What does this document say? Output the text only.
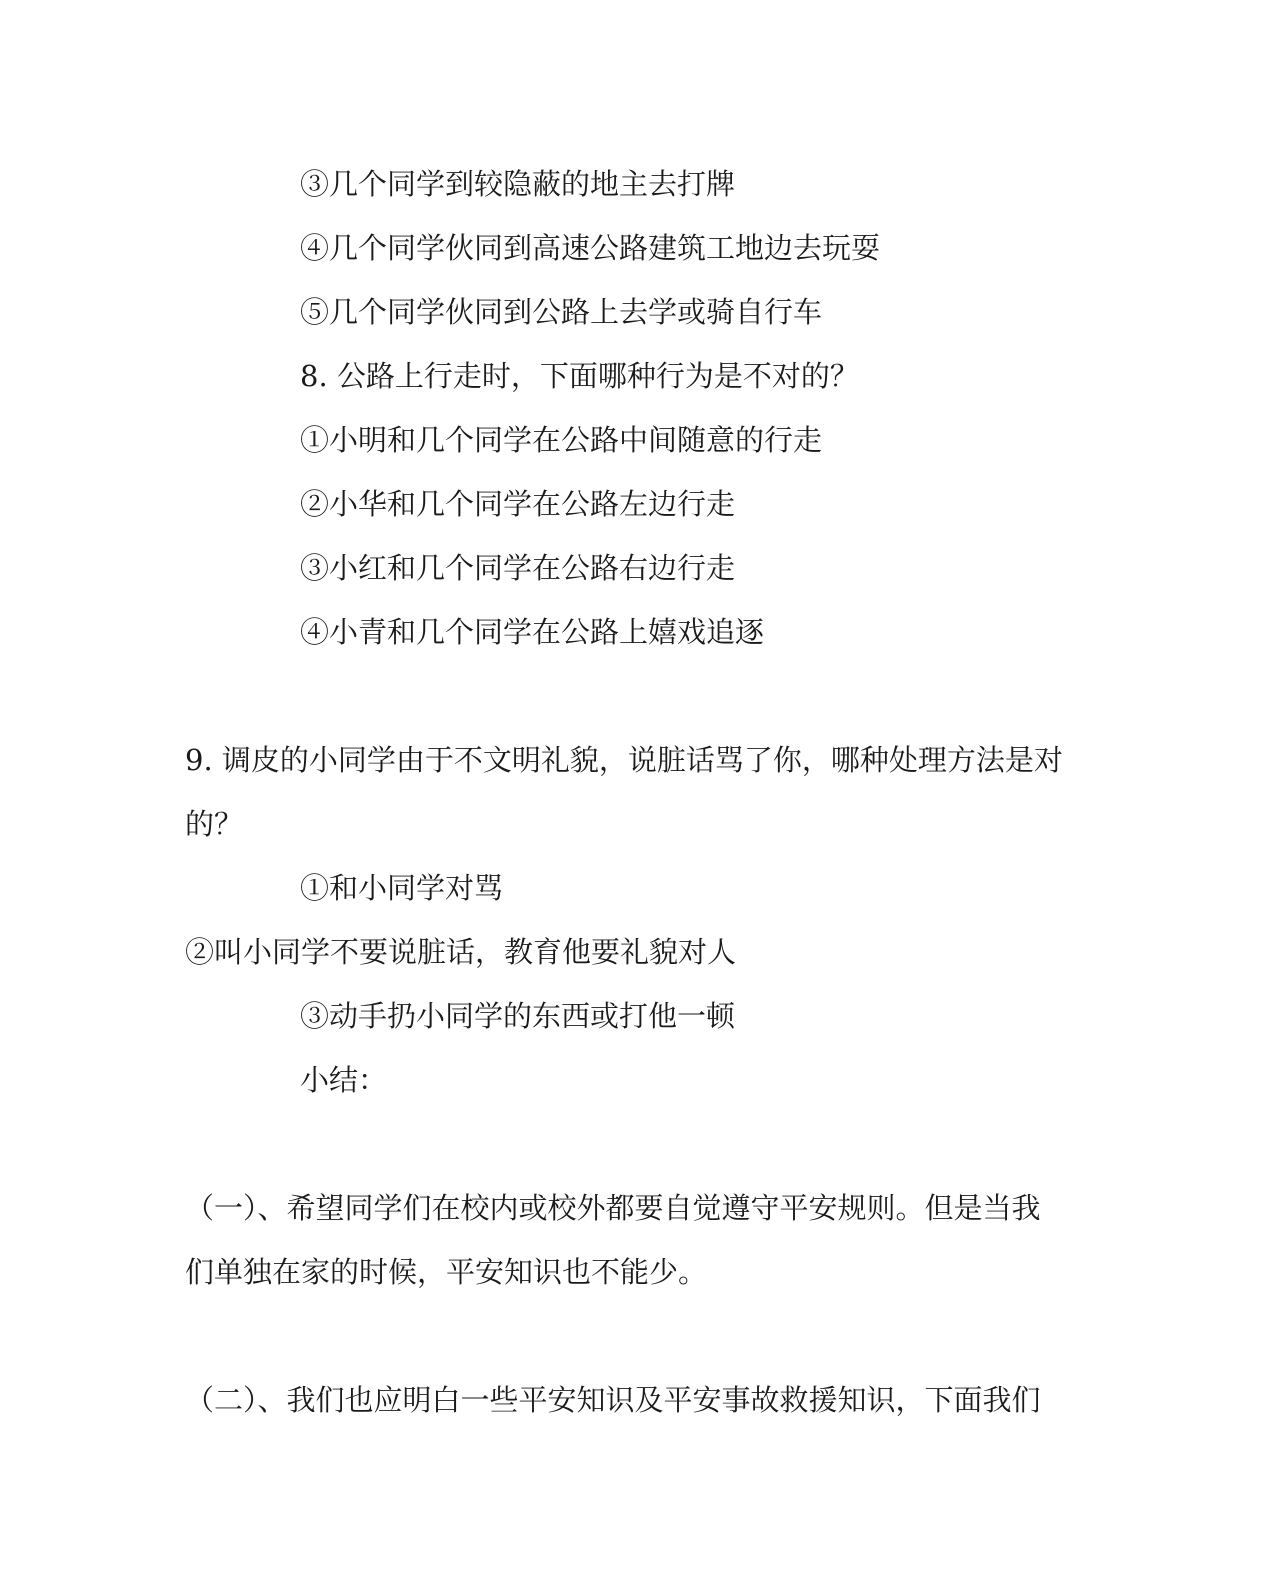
③几个同学到较隐蔽的地主去打牌
④几个同学伙同到高速公路建筑工地边去玩耍
⑤几个同学伙同到公路上去学或骑自行车
8. 公路上行走时，下面哪种行为是不对的？
①小明和几个同学在公路中间随意的行走
②小华和几个同学在公路左边行走
③小红和几个同学在公路右边行走
④小青和几个同学在公路上嬉戏追逐
9. 调皮的小同学由于不文明礼貌，说脏话骂了你，哪种处理方法是对
的？
①和小同学对骂
②叫小同学不要说脏话，教育他要礼貌对人
③动手扔小同学的东西或打他一顿
小结：
（一）、希望同学们在校内或校外都要自觉遵守平安规则。但是当我
们单独在家的时候，平安知识也不能少。
（二）、我们也应明白一些平安知识及平安事故救援知识，下面我们
